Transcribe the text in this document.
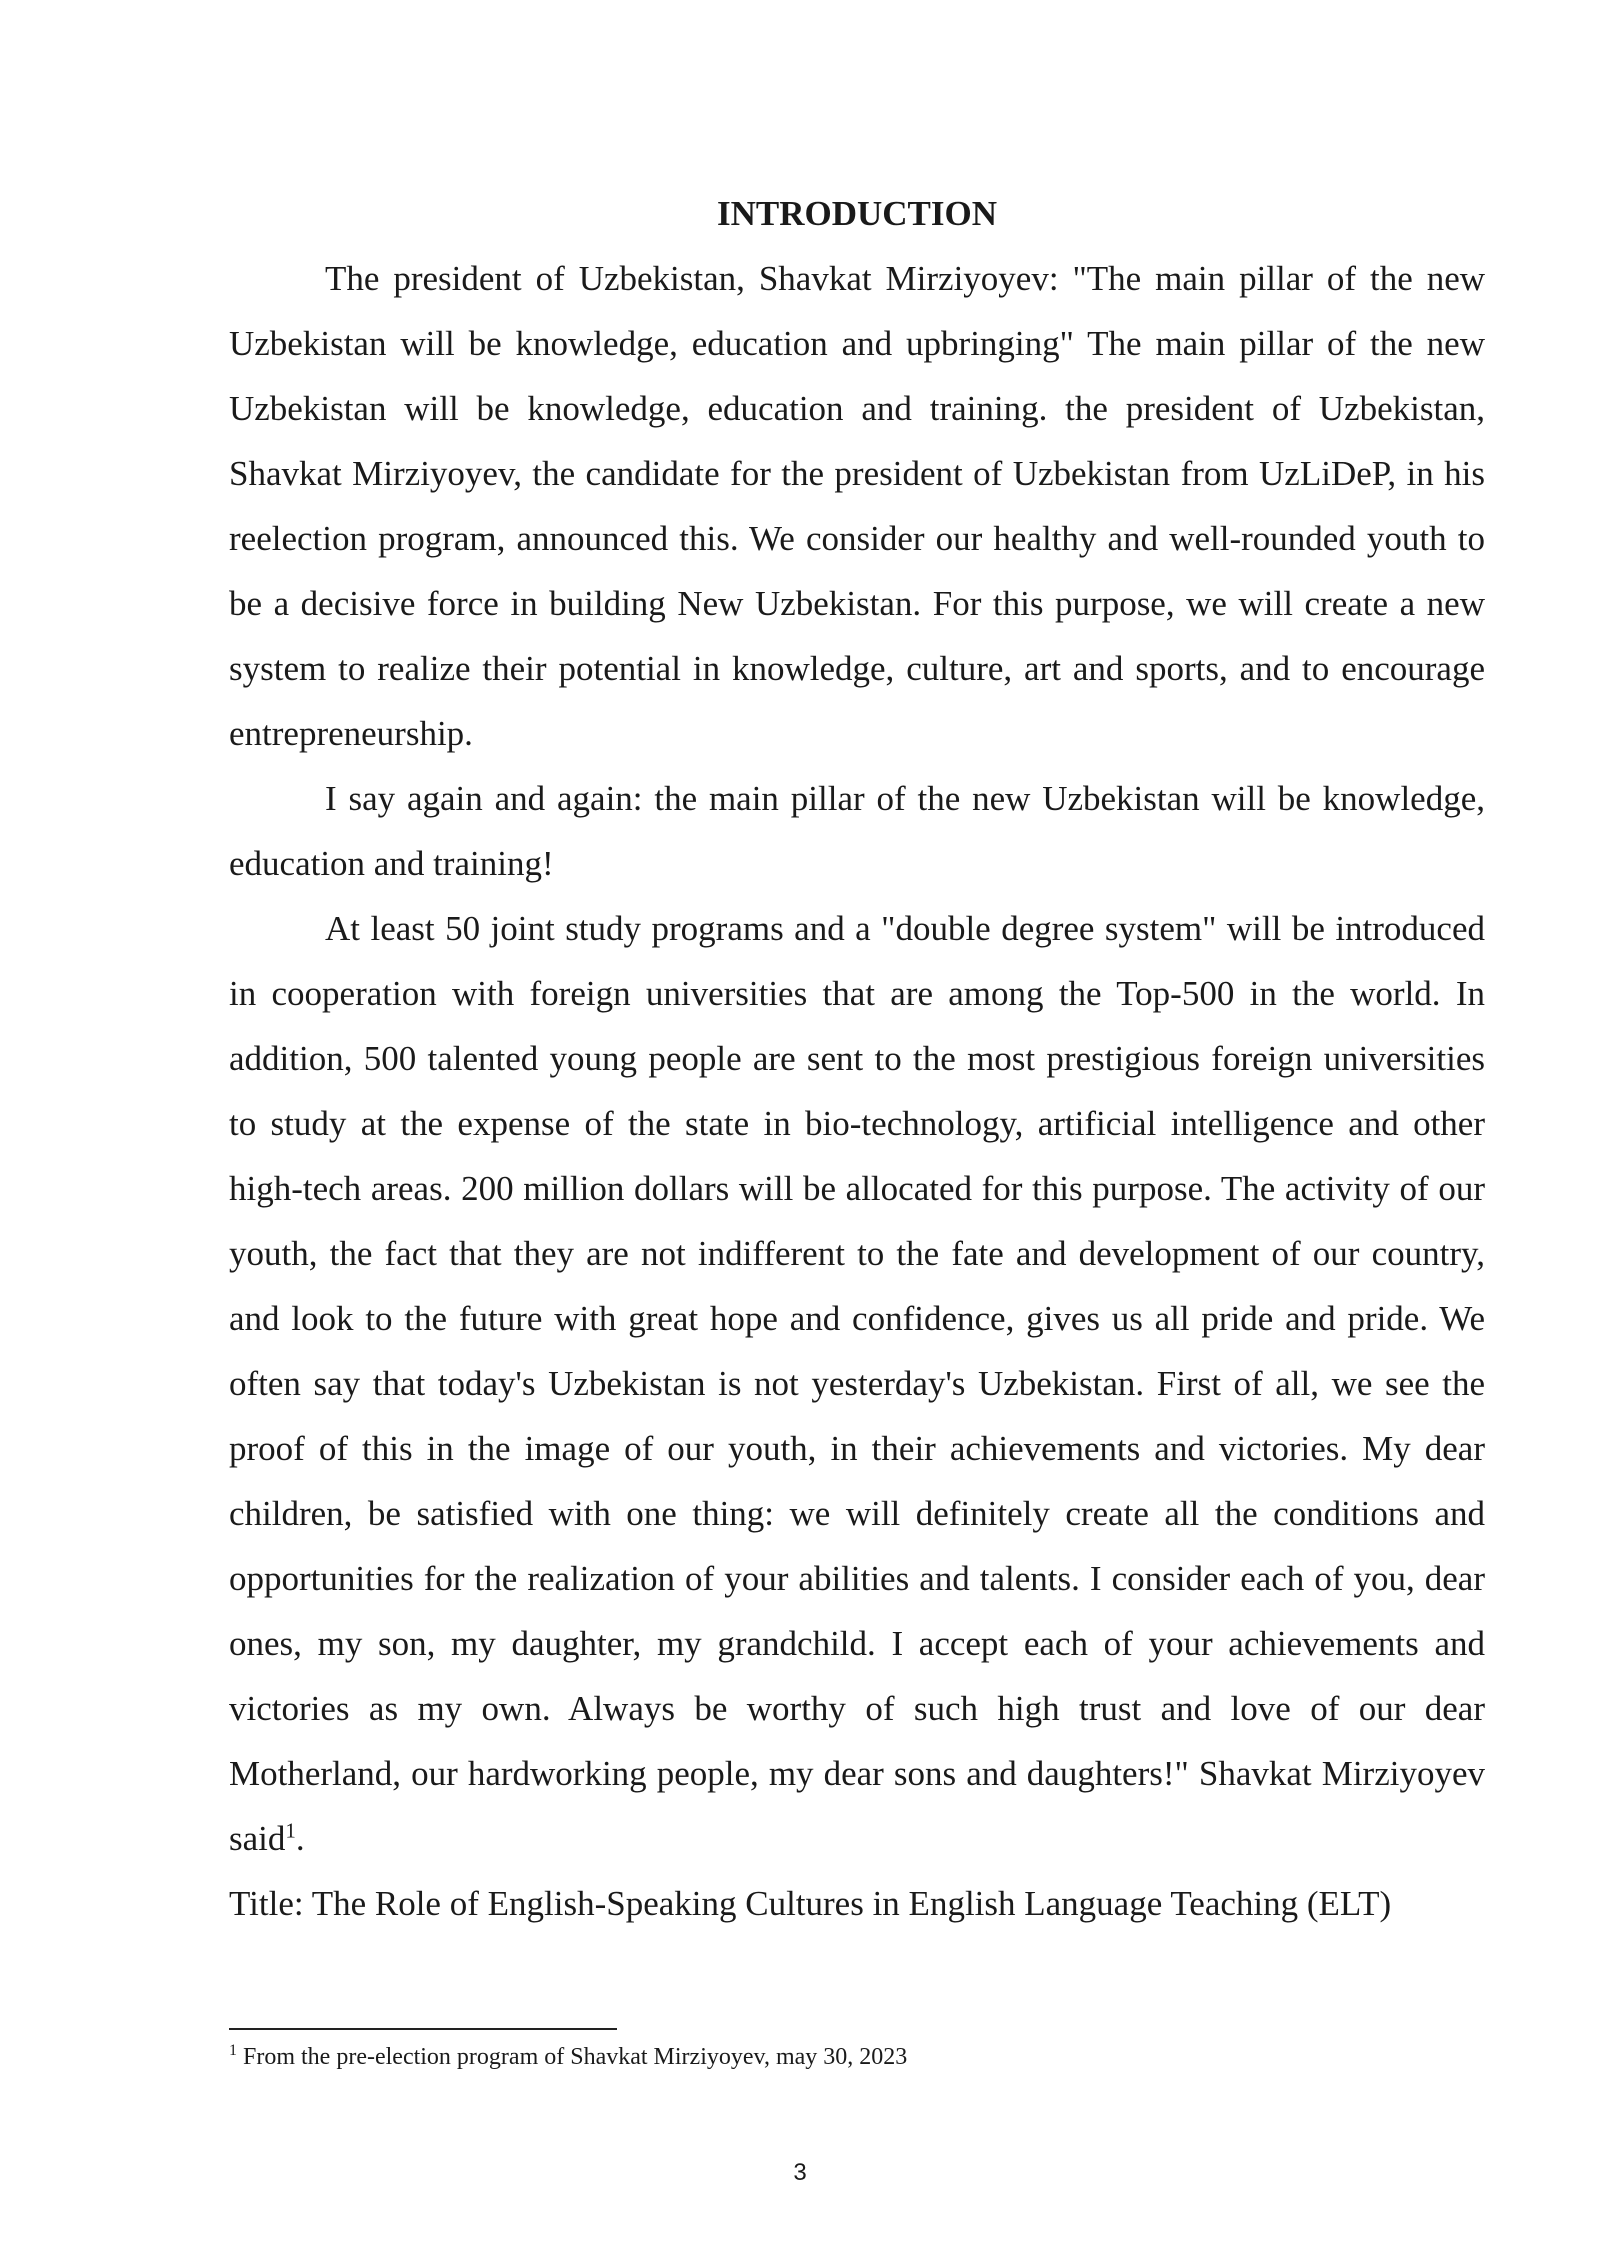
INTRODUCTION

The president of Uzbekistan, Shavkat Mirziyoyev: "The main pillar of the new Uzbekistan will be knowledge, education and upbringing" The main pillar of the new Uzbekistan will be knowledge, education and training. the president of Uzbekistan, Shavkat Mirziyoyev, the candidate for the president of Uzbekistan from UzLiDeP, in his reelection program, announced this. We consider our healthy and well-rounded youth to be a decisive force in building New Uzbekistan. For this purpose, we will create a new system to realize their potential in knowledge, culture, art and sports, and to encourage entrepreneurship.

I say again and again: the main pillar of the new Uzbekistan will be knowledge, education and training!

At least 50 joint study programs and a "double degree system" will be introduced in cooperation with foreign universities that are among the Top-500 in the world. In addition, 500 talented young people are sent to the most prestigious foreign universities to study at the expense of the state in bio-technology, artificial intelligence and other high-tech areas. 200 million dollars will be allocated for this purpose. The activity of our youth, the fact that they are not indifferent to the fate and development of our country, and look to the future with great hope and confidence, gives us all pride and pride. We often say that today's Uzbekistan is not yesterday's Uzbekistan. First of all, we see the proof of this in the image of our youth, in their achievements and victories. My dear children, be satisfied with one thing: we will definitely create all the conditions and opportunities for the realization of your abilities and talents. I consider each of you, dear ones, my son, my daughter, my grandchild. I accept each of your achievements and victories as my own. Always be worthy of such high trust and love of our dear Motherland, our hardworking people, my dear sons and daughters!" Shavkat Mirziyoyev said$^1$.

Title: The Role of English-Speaking Cultures in English Language Teaching (ELT)

$^1$ From the pre-election program of Shavkat Mirziyoyev, may 30, 2023
3
